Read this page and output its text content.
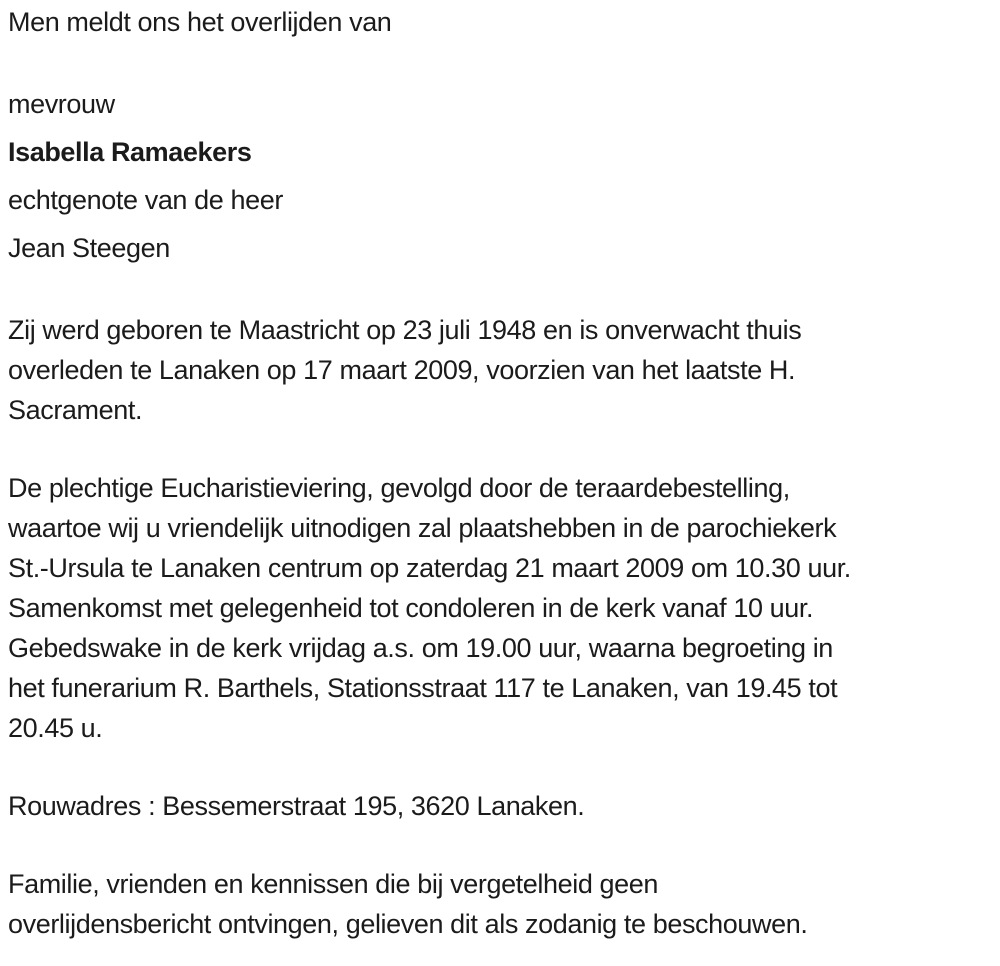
Men meldt ons het overlijden van

mevrouw
Isabella Ramaekers
echtgenote van de heer
Jean Steegen

Zij werd geboren te Maastricht op 23 juli 1948 en is onverwacht thuis
overleden te Lanaken op 17 maart 2009, voorzien van het laatste H.
Sacrament.

De plechtige Eucharistieviering, gevolgd door de teraardebestelling,
waartoe wij u vriendelijk uitnodigen zal plaatshebben in de parochiekerk
St.-Ursula te Lanaken centrum op zaterdag 21 maart 2009 om 10.30 uur.
Samenkomst met gelegenheid tot condoleren in de kerk vanaf 10 uur.
Gebedswake in de kerk vrijdag a.s. om 19.00 uur, waarna begroeting in
het funerarium R. Barthels, Stationsstraat 117 te Lanaken, van 19.45 tot
20.45 u.

Rouwadres : Bessemerstraat 195, 3620 Lanaken.

Familie, vrienden en kennissen die bij vergetelheid geen
overlijdensbericht ontvingen, gelieven dit als zodanig te beschouwen.
